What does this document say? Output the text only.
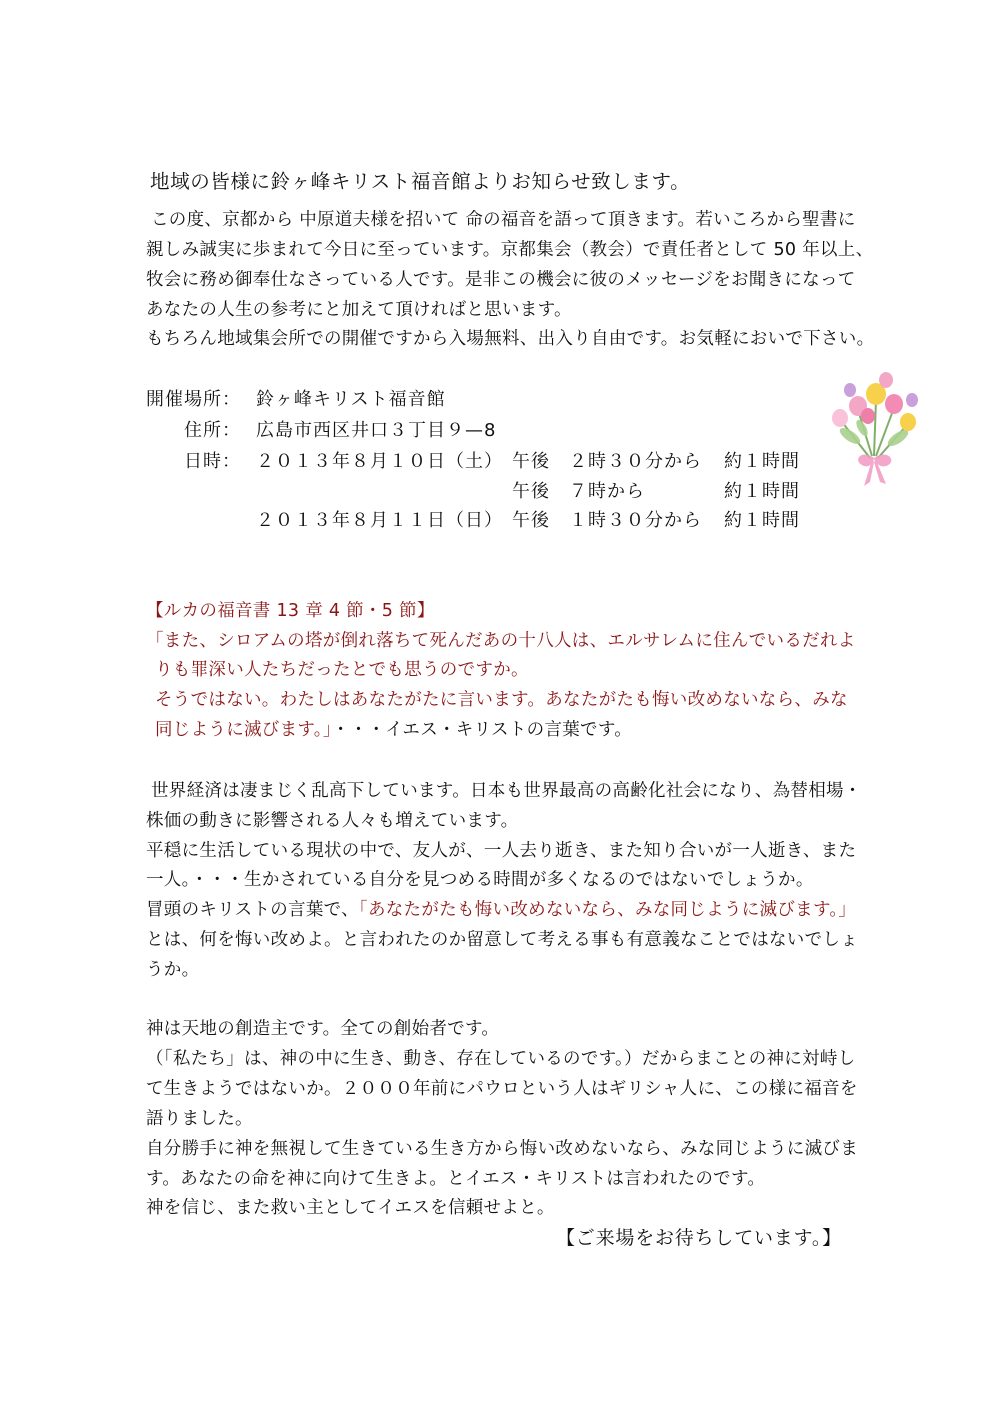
地域の皆様に鈴ヶ峰キリスト福音館よりお知らせ致します。
この度、京都から 中原道夫様を招いて 命の福音を語って頂きます。若いころから聖書に
親しみ誠実に歩まれて今日に至っています。京都集会（教会）で責任者として 50 年以上、
牧会に務め御奉仕なさっている人です。是非この機会に彼のメッセージをお聞きになって
あなたの人生の参考にと加えて頂ければと思います。
もちろん地域集会所での開催ですから入場無料、出入り自由です。お気軽においで下さい。
開催場所： 鈴ヶ峰キリスト福音館
住所： 広島市西区井口３丁目９—8
日時： ２０１３年８月１０日（土） 午後　２時３０分から 約１時間
午後　７時から	約１時間
２０１３年８月１１日（日） 午後　１時３０分から 約１時間
【ルカの福音書 13 章 4 節・5 節】
「また、シロアムの塔が倒れ落ちて死んだあの十八人は、エルサレムに住んでいるだれよ
りも罪深い人たちだったとでも思うのですか。
そうではない。わたしはあなたがたに言います。あなたがたも悔い改めないなら、みな
同じように滅びます。」・・・イエス・キリストの言葉です。
世界経済は凄まじく乱高下しています。日本も世界最高の高齢化社会になり、為替相場・
株価の動きに影響される人々も増えています。
平穏に生活している現状の中で、友人が、一人去り逝き、また知り合いが一人逝き、また
一人。・・・生かされている自分を見つめる時間が多くなるのではないでしょうか。
冒頭のキリストの言葉で、「あなたがたも悔い改めないなら、みな同じように滅びます。」
とは、何を悔い改めよ。と言われたのか留意して考える事も有意義なことではないでしょ
うか。
神は天地の創造主です。全ての創始者です。
（「私たち」は、神の中に生き、動き、存在しているのです。）だからまことの神に対峙し
て生きようではないか。２０００年前にパウロという人はギリシャ人に、この様に福音を
語りました。
自分勝手に神を無視して生きている生き方から悔い改めないなら、みな同じように滅びま
す。あなたの命を神に向けて生きよ。とイエス・キリストは言われたのです。
神を信じ、また救い主としてイエスを信頼せよと。
【ご来場をお待ちしています。】
